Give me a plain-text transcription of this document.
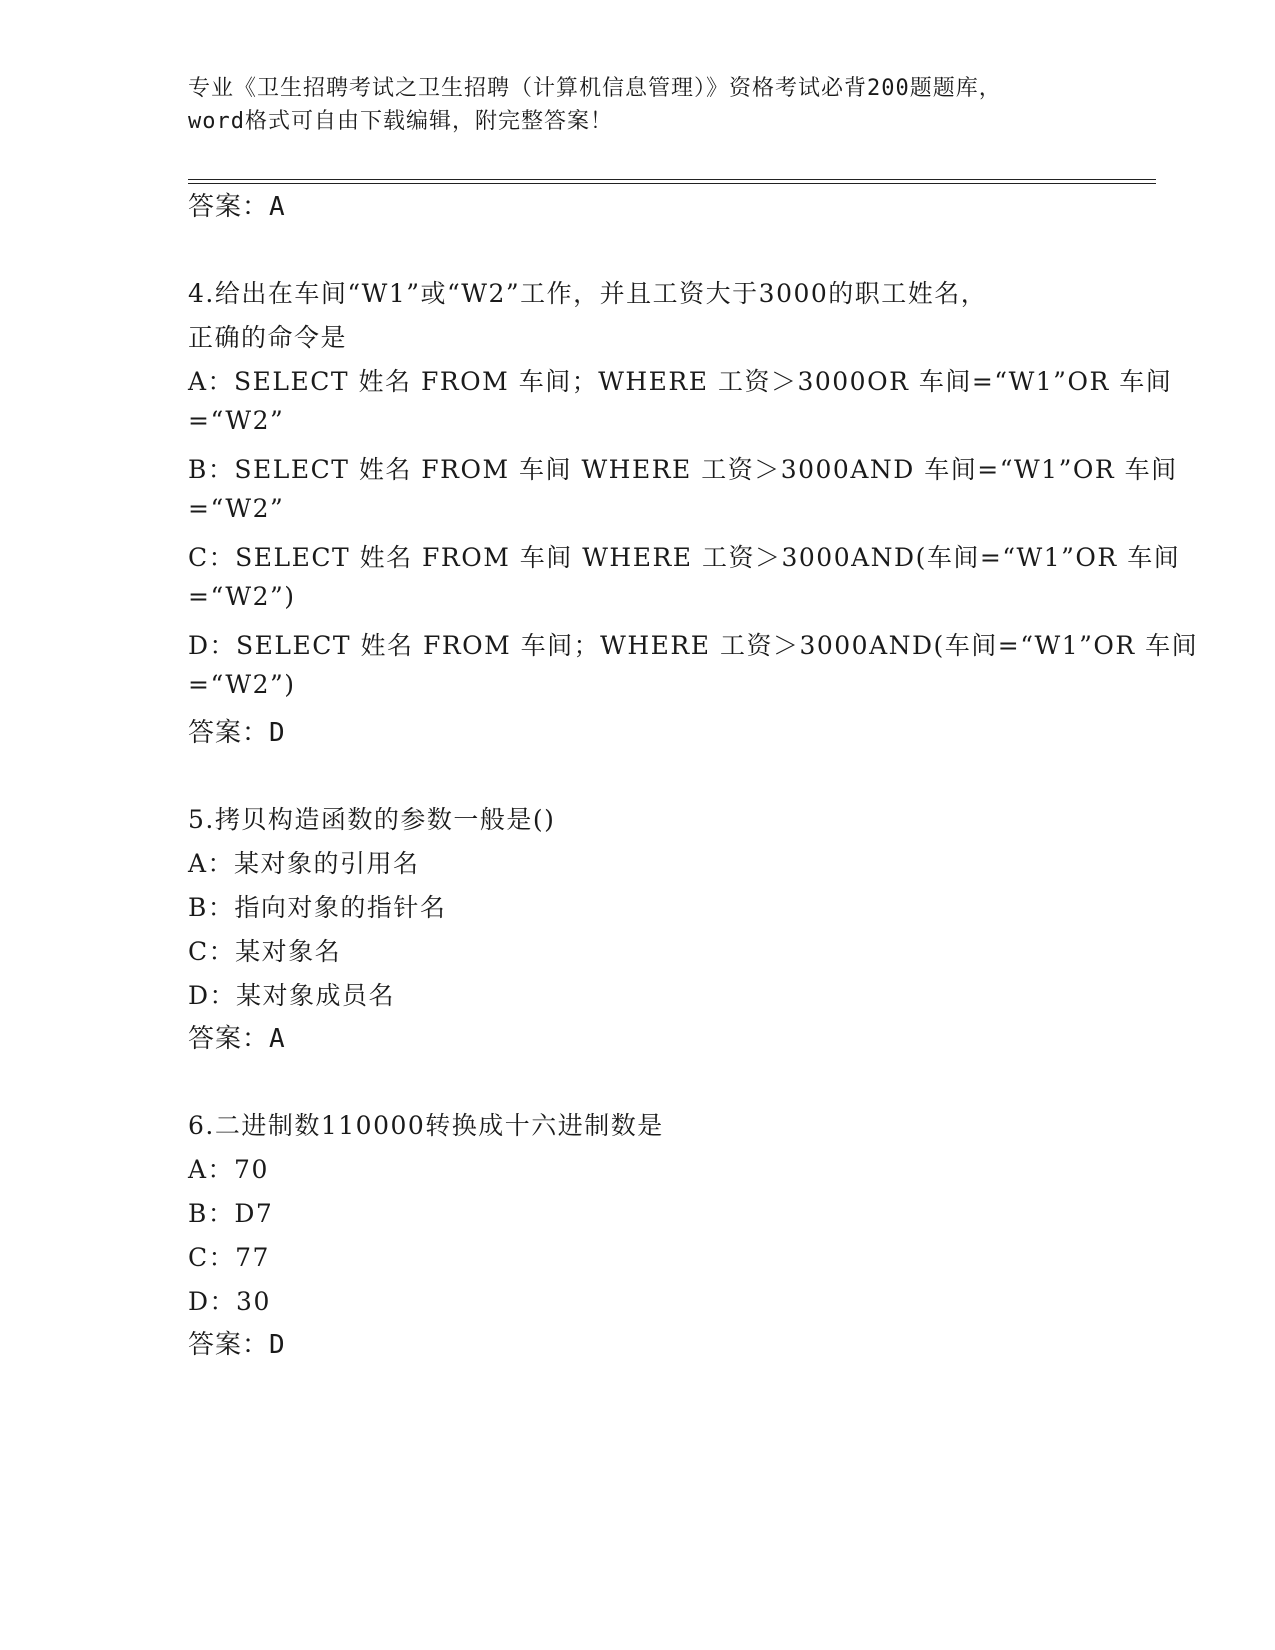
专业《卫生招聘考试之卫生招聘（计算机信息管理）》资格考试必背200题题库，
word格式可自由下载编辑，附完整答案！
答案：A
4.给出在车间“W1”或“W2”工作，并且工资大于3000的职工姓名，
正确的命令是
A：SELECT 姓名 FROM 车间；WHERE 工资＞3000OR 车间=“W1”OR 车间
=“W2”
B：SELECT 姓名 FROM 车间 WHERE 工资＞3000AND 车间=“W1”OR 车间
=“W2”
C：SELECT 姓名 FROM 车间 WHERE 工资＞3000AND(车间=“W1”OR 车间
=“W2”)
D：SELECT 姓名 FROM 车间；WHERE 工资＞3000AND(车间=“W1”OR 车间
=“W2”)
答案：D
5.拷贝构造函数的参数一般是()
A：某对象的引用名
B：指向对象的指针名
C：某对象名
D：某对象成员名
答案：A
6.二进制数110000转换成十六进制数是
A：70
B：D7
C：77
D：30
答案：D
